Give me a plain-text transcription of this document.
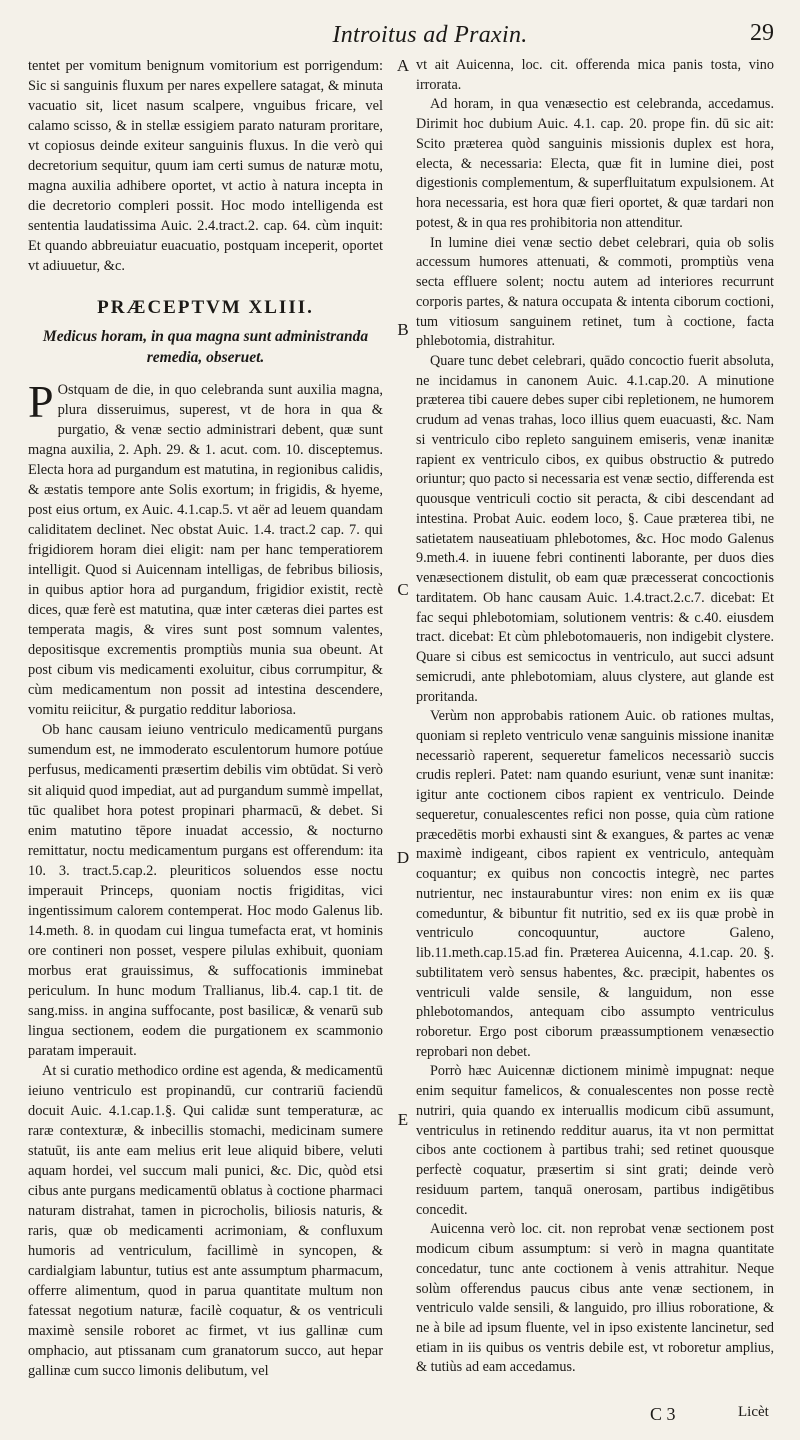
Introitus ad Praxin.	29

tentet per vomitum benignum vomitorium est porrigendum: Sic si sanguinis fluxum per nares expellere satagat, & minuta vacuatio sit, licet nasum scalpere, vnguibus fricare, vel calamo scisso, & in stellæ essigiem parato naturam proritare, vt copiosus deinde exiteur sanguinis fluxus. In die verò qui decretorium sequitur, quum iam certi sumus de naturæ motu, magna auxilia adhibere oportet, vt actio à natura incepta in die decretorio compleri possit. Hoc modo intelligenda est sententia laudatissima Auic. 2.4.tract.2. cap. 64. cùm inquit: Et quando abbreuiatur euacuatio, postquam inceperit, oportet vt adiuuetur, &c.

PRÆCEPTVM XLIII.
Medicus horam, in qua magna sunt administranda remedia, obseruet.

P Ostquam de die, in quo celebranda sunt auxilia magna, plura disseruimus, superest, vt de hora in qua & purgatio, & venæ sectio administrari debent, quæ sunt magna auxilia, 2. Aph. 29. & 1. acut. com. 10. disceptemus. Electa hora ad purgandum est matutina, in regionibus calidis, & æstatis tempore ante Solis exortum; in frigidis, & hyeme, post eius ortum, ex Auic. 4.1.cap.5. vt aër ad leuem quandam caliditatem declinet. Nec obstat Auic. 1.4. tract.2 cap. 7. qui frigidiorem horam diei eligit: nam per hanc temperatiorem intelligit. Quod si Auicennam intelligas, de febribus biliosis, in quibus aptior hora ad purgandum, frigidior existit, rectè dices, quæ ferè est matutina, quæ inter cæteras diei partes est temperata magis, & vires sunt post somnum valentes, depositisque excrementis promptiùs munia sua obeunt. At post cibum vis medicamenti exoluitur, cibus corrumpitur, & cùm medicamentum non possit ad intestina descendere, vomitu reiicitur, & purgatio redditur laboriosa.

Ob hanc causam ieiuno ventriculo medicamentū purgans sumendum est, ne immoderato esculentorum humore potúue perfusus, medicamenti præsertim debilis vim obtūdat. Si verò sit aliquid quod impediat, aut ad purgandum summè impellat, tūc qualibet hora potest propinari pharmacū, & debet. Si enim matutino tēpore inuadat accessio, & nocturno remittatur, noctu medicamentum purgans est offerendum: ita 10. 3. tract.5.cap.2. pleuriticos soluendos esse noctu imperauit Princeps, quoniam noctis frigiditas, vici ingentissimum calorem contemperat. Hoc modo Galenus lib. 14.meth. 8. in quodam cui lingua tumefacta erat, vt hominis ore contineri non posset, vespere pilulas exhibuit, quoniam morbus erat grauissimus, & suffocationis imminebat periculum. In hunc modum Trallianus, lib.4. cap.1 tit. de sang.miss. in angina suffocante, post basilicæ, & venarū sub lingua sectionem, eodem die purgationem ex scammonio paratam imperauit.

At si curatio methodico ordine est agenda, & medicamentū ieiuno ventriculo est propinandū, cur contrariū faciendū docuit Auic. 4.1.cap.1.§. Qui calidæ sunt temperaturæ, ac raræ contexturæ, & inbecillis stomachi, medicinam sumere statuūt, iis ante eam melius erit leue aliquid bibere, veluti aquam hordei, vel succum mali punici, &c. Dic, quòd etsi cibus ante purgans medicamentū oblatus à coctione pharmaci naturam distrahat, tamen in picrocholis, biliosis naturis, & raris, quæ ob medicamenti acrimoniam, & confluxum humoris ad ventriculum, facillimè in syncopen, & cardialgiam labuntur, tutius est ante assumptum pharmacum, offerre alimentum, quod in parua quantitate multum non fatessat negotium naturæ, facilè coquatur, & os ventriculi maximè sensile roboret ac firmet, vt ius gallinæ cum omphacio, aut ptissanam cum granatorum succo, aut hepar gallinæ cum succo limonis delibutum, vel

A
B
C
D
E

vt ait Auicenna, loc. cit. offerenda mica panis tosta, vino irrorata.

Ad horam, in qua venæsectio est celebranda, accedamus. Dirimit hoc dubium Auic. 4.1. cap. 20. prope fin. dū sic ait: Scito præterea quòd sanguinis missionis duplex est hora, electa, & necessaria: Electa, quæ fit in lumine diei, post digestionis complementum, & superfluitatum expulsionem. At hora necessaria, est hora quæ fieri oportet, & quæ tardari non potest, & in qua res prohibitoria non attenditur.

In lumine diei venæ sectio debet celebrari, quia ob solis accessum humores attenuati, & commoti, promptiùs vena secta effluere solent; noctu autem ad interiores recurrunt corporis partes, & natura occupata & intenta ciborum coctioni, tum vitiosum sanguinem retinet, tum à coctione, facta phlebotomia, distrahitur.

Quare tunc debet celebrari, quādo concoctio fuerit absoluta, ne incidamus in canonem Auic. 4.1.cap.20. A minutione præterea tibi cauere debes super cibi repletionem, ne humorem crudum ad venas trahas, loco illius quem euacuasti, &c. Nam si ventriculo cibo repleto sanguinem emiseris, venæ inanitæ rapient ex ventriculo cibos, ex quibus obstructio & putredo oriuntur; quo pacto si necessaria est venæ sectio, differenda est quousque ventriculi coctio sit peracta, & cibi descendant ad intestina. Probat Auic. eodem loco, §. Caue præterea tibi, ne satietatem nauseatiuam phlebotomes, &c. Hoc modo Galenus 9.meth.4. in iuuene febri continenti laborante, per duos dies venæsectionem distulit, ob eam quæ præcesserat concoctionis tarditatem. Ob hanc causam Auic. 1.4.tract.2.c.7. dicebat: Et fac sequi phlebotomiam, solutionem ventris: & c.40. eiusdem tract. dicebat: Et cùm phlebotomaueris, non indigebit clystere. Quare si cibus est semicoctus in ventriculo, aut succi adsunt semicrudi, ante phlebotomiam, aluus clystere, aut glande est proritanda.

Verùm non approbabis rationem Auic. ob rationes multas, quoniam si repleto ventriculo venæ sanguinis missione inanitæ necessariò raperent, sequeretur famelicos necessariò succis crudis repleri. Patet: nam quando esuriunt, venæ sunt inanitæ: igitur ante coctionem cibos rapient ex ventriculo. Deinde sequeretur, conualescentes refici non posse, quia cùm ratione præcedētis morbi exhausti sint & exangues, & partes ac venæ maximè indigeant, cibos rapient ex ventriculo, antequàm coquantur; ex quibus non concoctis integrè, nec partes nutrientur, nec instaurabuntur vires: non enim ex iis quæ comeduntur, & bibuntur fit nutritio, sed ex iis quæ probè in ventriculo concoquuntur, auctore Galeno, lib.11.meth.cap.15.ad fin. Præterea Auicenna, 4.1.cap. 20. §. subtilitatem verò sensus habentes, &c. præcipit, habentes os ventriculi valde sensile, & languidum, non esse phlebotomandos, antequam cibo assumpto ventriculus roboretur. Ergo post ciborum præassumptionem venæsectio reprobari non debet.

Porrò hæc Auicennæ dictionem minimè impugnat: neque enim sequitur famelicos, & conualescentes non posse rectè nutriri, quia quando ex interuallis modicum cibū assumunt, ventriculus in retinendo redditur auarus, ita vt non permittat cibos ante coctionem à partibus trahi; sed retinet quousque perfectè coquatur, præsertim si sint grati; deinde verò residuum partem, tanquā onerosam, partibus indigētibus concedit.

Auicenna verò loc. cit. non reprobat venæ sectionem post modicum cibum assumptum: si verò in magna quantitate concedatur, tunc ante coctionem à venis attrahitur. Neque solùm offerendus paucus cibus ante venæ sectionem, in ventriculo valde sensili, & languido, pro illius roboratione, & ne à bile ad ipsum fluente, vel in ipso existente lancinetur, sed etiam in iis quibus os ventris debile est, vt roboretur amplius, & tutiùs ad eam accedamus.

C 3	Licèt
